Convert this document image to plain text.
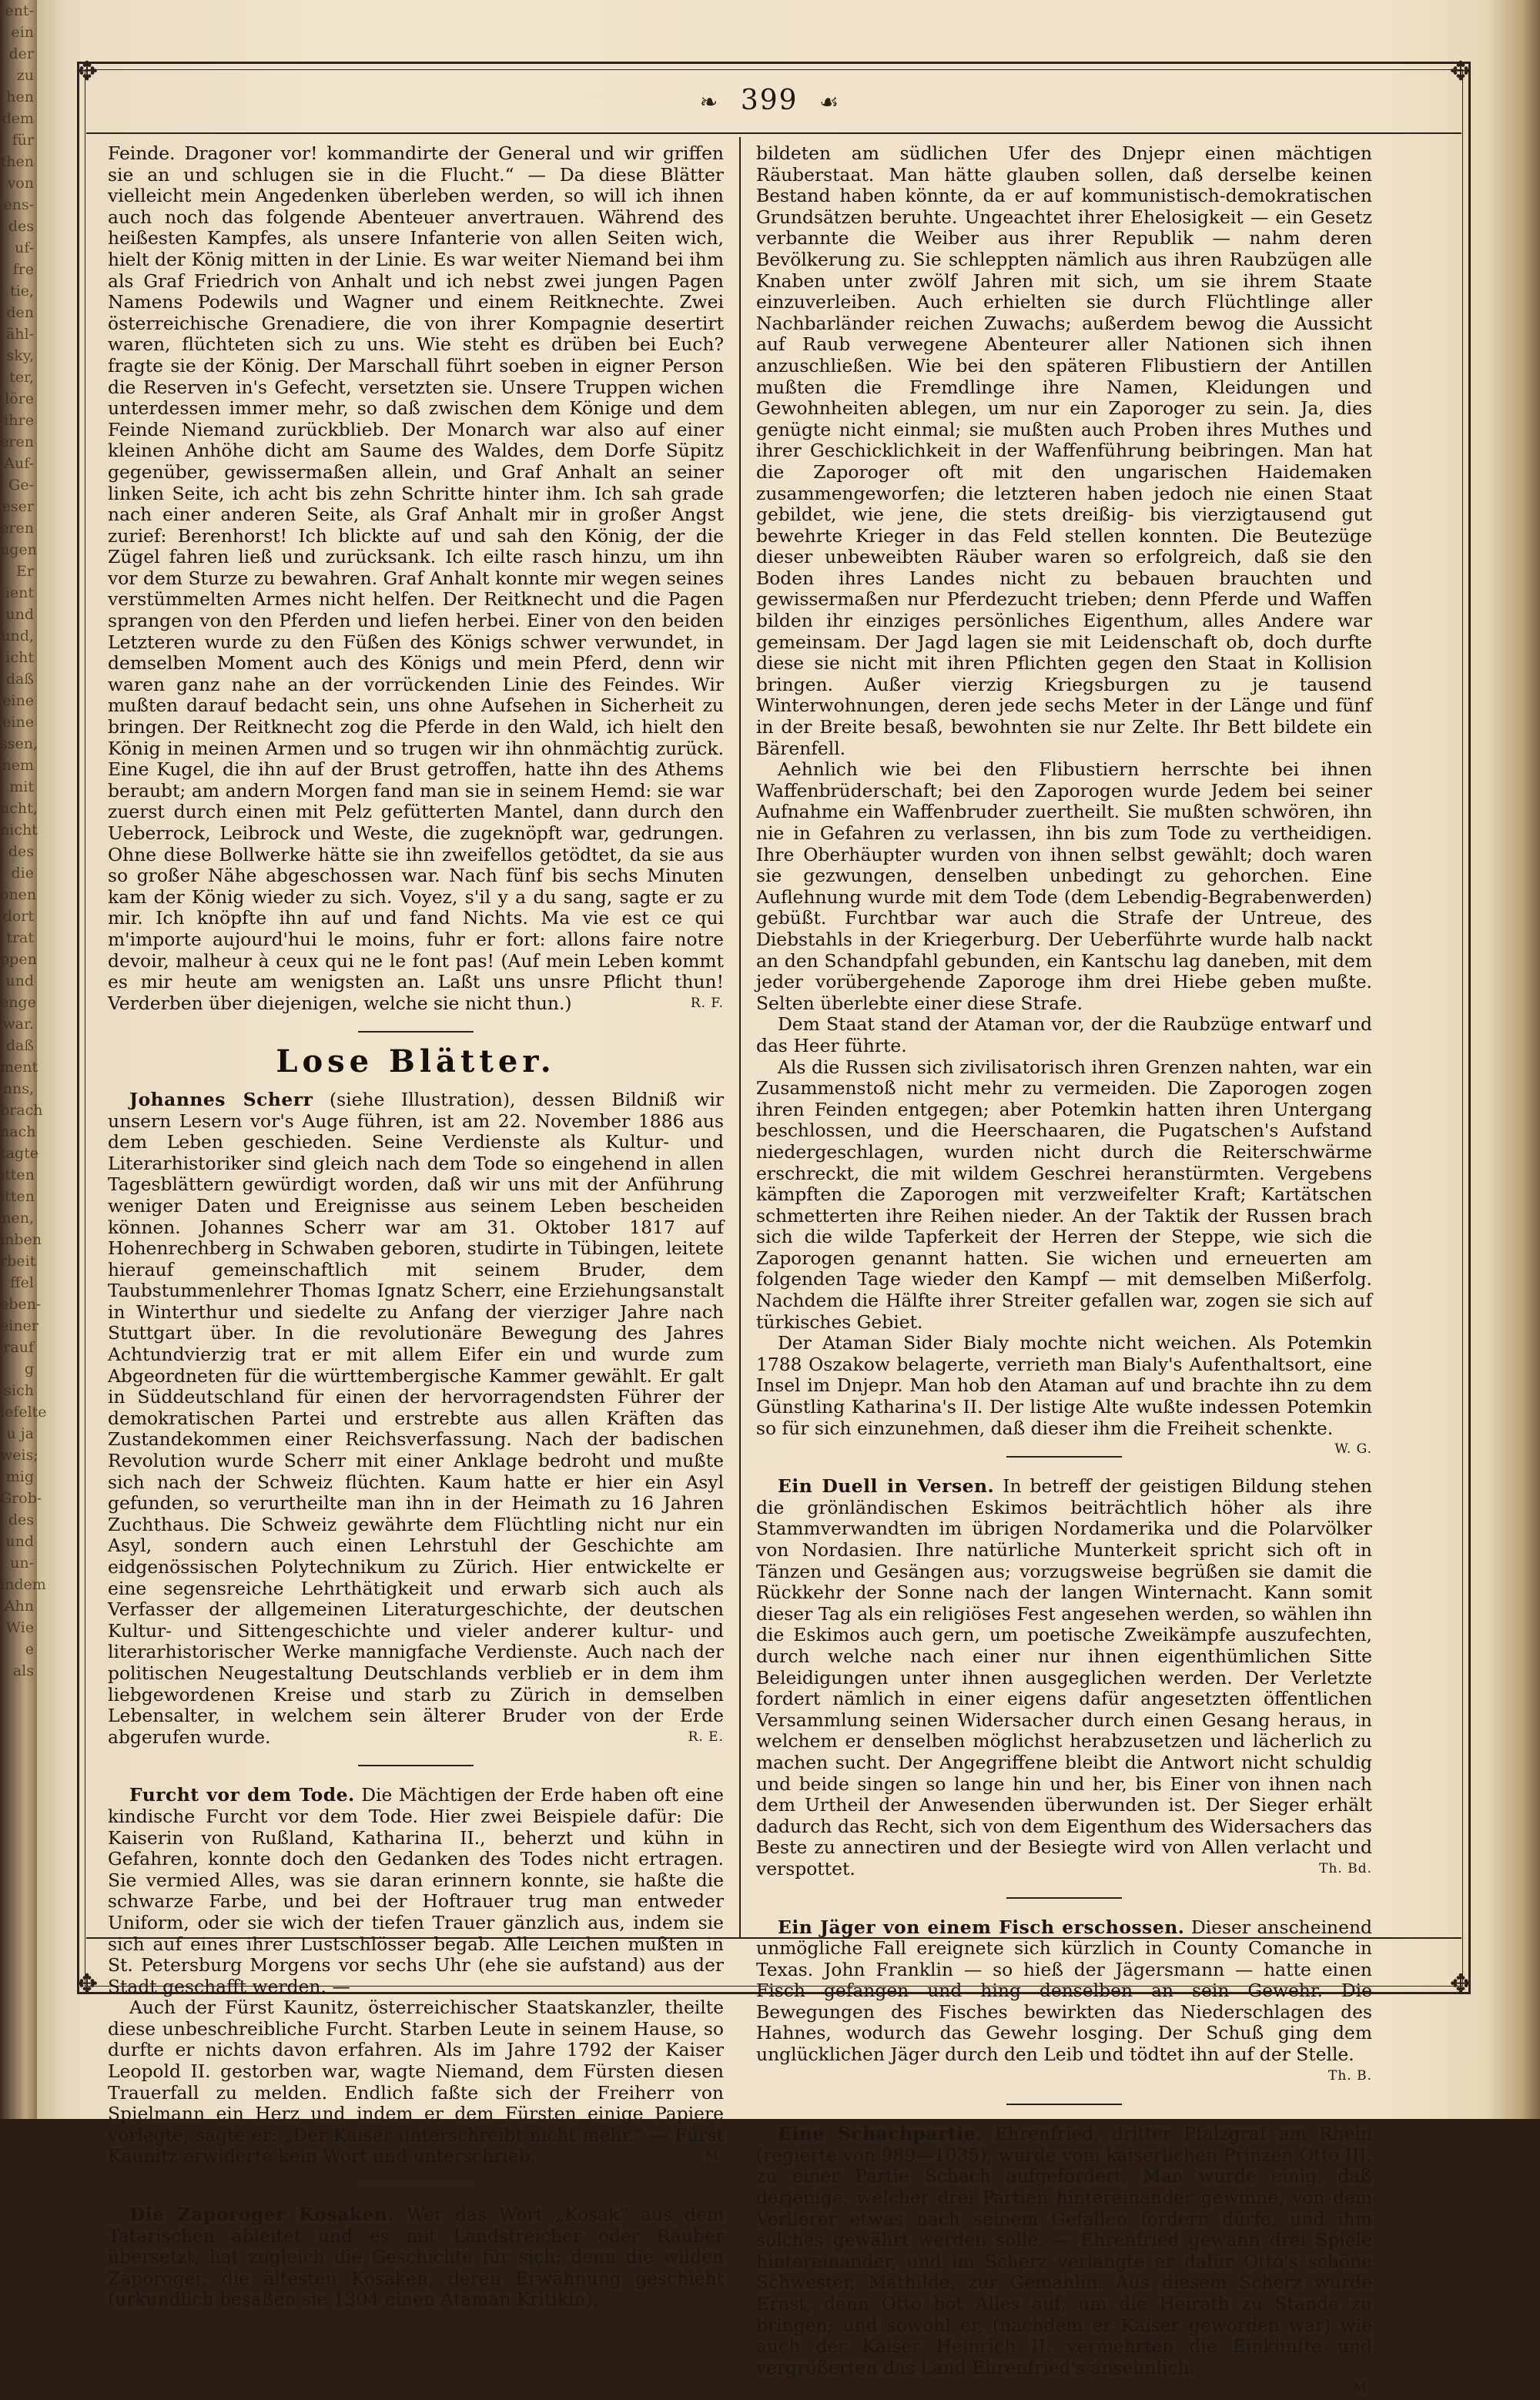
ent-
ein
der
zu
hen
dem
für
then
von
ens-
des
uf-
fre
tie,
den
ähl-
sky,
ter,
löre
ihre
eren
Auf-
Ge-
eser
eren
ugen
Er
ient
und
und,
icht
daß
eine
eine
ssen,
nem
mit
ucht,
nicht
des
die
onen
dort
trat
ppen
und
enge
war.
daß
ment
nns,
brach
nach
tagte
itten
itten
nen,
inben
rbeit
ffel
eben-
einer
rauf
g sich
iefelte
u ja
weis;
mig
Grob-
des
und
un-
indem
Ahn
Wie
e als
✥	✥
✥	✥
❧ 399 ☙

Feinde. Dragoner vor! kommandirte der General und wir griffen sie an und schlugen sie in die Flucht.“ — Da diese Blätter vielleicht mein Angedenken überleben werden, so will ich ihnen auch noch das folgende Abenteuer anvertrauen. Während des heißesten Kampfes, als unsere Infanterie von allen Seiten wich, hielt der König mitten in der Linie. Es war weiter Niemand bei ihm als Graf Friedrich von Anhalt und ich nebst zwei jungen Pagen Namens Podewils und Wagner und einem Reitknechte. Zwei österreichische Grenadiere, die von ihrer Kompagnie desertirt waren, flüchteten sich zu uns. Wie steht es drüben bei Euch? fragte sie der König. Der Marschall führt soeben in eigner Person die Reserven in's Gefecht, versetzten sie. Unsere Truppen wichen unterdessen immer mehr, so daß zwischen dem Könige und dem Feinde Niemand zurückblieb. Der Monarch war also auf einer kleinen Anhöhe dicht am Saume des Waldes, dem Dorfe Süpitz gegenüber, gewissermaßen allein, und Graf Anhalt an seiner linken Seite, ich acht bis zehn Schritte hinter ihm. Ich sah grade nach einer anderen Seite, als Graf Anhalt mir in großer Angst zurief: Berenhorst! Ich blickte auf und sah den König, der die Zügel fahren ließ und zurücksank. Ich eilte rasch hinzu, um ihn vor dem Sturze zu bewahren. Graf Anhalt konnte mir wegen seines verstümmelten Armes nicht helfen. Der Reitknecht und die Pagen sprangen von den Pferden und liefen herbei. Einer von den beiden Letzteren wurde zu den Füßen des Königs schwer verwundet, in demselben Moment auch des Königs und mein Pferd, denn wir waren ganz nahe an der vorrückenden Linie des Feindes. Wir mußten darauf bedacht sein, uns ohne Aufsehen in Sicherheit zu bringen. Der Reitknecht zog die Pferde in den Wald, ich hielt den König in meinen Armen und so trugen wir ihn ohnmächtig zurück. Eine Kugel, die ihn auf der Brust getroffen, hatte ihn des Athems beraubt; am andern Morgen fand man sie in seinem Hemd: sie war zuerst durch einen mit Pelz gefütterten Mantel, dann durch den Ueberrock, Leibrock und Weste, die zugeknöpft war, gedrungen. Ohne diese Bollwerke hätte sie ihn zweifellos getödtet, da sie aus so großer Nähe abgeschossen war. Nach fünf bis sechs Minuten kam der König wieder zu sich. Voyez, s'il y a du sang, sagte er zu mir. Ich knöpfte ihn auf und fand Nichts. Ma vie est ce qui m'importe aujourd'hui le moins, fuhr er fort: allons faire notre devoir, malheur à ceux qui ne le font pas! (Auf mein Leben kommt es mir heute am wenigsten an. Laßt uns unsre Pflicht thun! Verderben über diejenigen, welche sie nicht thun.)	R. F.

Lose Blätter.

Johannes Scherr (siehe Illustration), dessen Bildniß wir unsern Lesern vor's Auge führen, ist am 22. November 1886 aus dem Leben geschieden. Seine Verdienste als Kultur- und Literarhistoriker sind gleich nach dem Tode so eingehend in allen Tagesblättern gewürdigt worden, daß wir uns mit der Anführung weniger Daten und Ereignisse aus seinem Leben bescheiden können. Johannes Scherr war am 31. Oktober 1817 auf Hohenrechberg in Schwaben geboren, studirte in Tübingen, leitete hierauf gemeinschaftlich mit seinem Bruder, dem Taubstummenlehrer Thomas Ignatz Scherr, eine Erziehungsanstalt in Winterthur und siedelte zu Anfang der vierziger Jahre nach Stuttgart über. In die revolutionäre Bewegung des Jahres Achtundvierzig trat er mit allem Eifer ein und wurde zum Abgeordneten für die württembergische Kammer gewählt. Er galt in Süddeutschland für einen der hervorragendsten Führer der demokratischen Partei und erstrebte aus allen Kräften das Zustandekommen einer Reichsverfassung. Nach der badischen Revolution wurde Scherr mit einer Anklage bedroht und mußte sich nach der Schweiz flüchten. Kaum hatte er hier ein Asyl gefunden, so verurtheilte man ihn in der Heimath zu 16 Jahren Zuchthaus. Die Schweiz gewährte dem Flüchtling nicht nur ein Asyl, sondern auch einen Lehrstuhl der Geschichte am eidgenössischen Polytechnikum zu Zürich. Hier entwickelte er eine segensreiche Lehrthätigkeit und erwarb sich auch als Verfasser der allgemeinen Literaturgeschichte, der deutschen Kultur- und Sittengeschichte und vieler anderer kultur- und literarhistorischer Werke mannigfache Verdienste. Auch nach der politischen Neugestaltung Deutschlands verblieb er in dem ihm liebgewordenen Kreise und starb zu Zürich in demselben Lebensalter, in welchem sein älterer Bruder von der Erde abgerufen wurde.	R. E.

Furcht vor dem Tode. Die Mächtigen der Erde haben oft eine kindische Furcht vor dem Tode. Hier zwei Beispiele dafür: Die Kaiserin von Rußland, Katharina II., beherzt und kühn in Gefahren, konnte doch den Gedanken des Todes nicht ertragen. Sie vermied Alles, was sie daran erinnern konnte, sie haßte die schwarze Farbe, und bei der Hoftrauer trug man entweder Uniform, oder sie wich der tiefen Trauer gänzlich aus, indem sie sich auf eines ihrer Lustschlösser begab. Alle Leichen mußten in St. Petersburg Morgens vor sechs Uhr (ehe sie aufstand) aus der Stadt geschafft werden. —

Auch der Fürst Kaunitz, österreichischer Staatskanzler, theilte diese unbeschreibliche Furcht. Starben Leute in seinem Hause, so durfte er nichts davon erfahren. Als im Jahre 1792 der Kaiser Leopold II. gestorben war, wagte Niemand, dem Fürsten diesen Trauerfall zu melden. Endlich faßte sich der Freiherr von Spielmann ein Herz und indem er dem Fürsten einige Papiere vorlegte, sagte er: „Der Kaiser unterschreibt nicht mehr.“ — Fürst Kaunitz erwiderte kein Wort und unterschrieb.	M.

Die Zaporoger Kosaken. Wer das Wort „Kosak“ aus dem Tatarischen ableitet und es mit Landstreicher oder Räuber übersetzt, hat zugleich die Geschichte für sich; denn die wilden Zaporoger, die ältesten Kosaken, deren Erwähnung geschieht (urkundlich besaßen sie 1304 einen Ataman Kritikin),

bildeten am südlichen Ufer des Dnjepr einen mächtigen Räuberstaat. Man hätte glauben sollen, daß derselbe keinen Bestand haben könnte, da er auf kommunistisch-demokratischen Grundsätzen beruhte. Ungeachtet ihrer Ehelosigkeit — ein Gesetz verbannte die Weiber aus ihrer Republik — nahm deren Bevölkerung zu. Sie schleppten nämlich aus ihren Raubzügen alle Knaben unter zwölf Jahren mit sich, um sie ihrem Staate einzuverleiben. Auch erhielten sie durch Flüchtlinge aller Nachbarländer reichen Zuwachs; außerdem bewog die Aussicht auf Raub verwegene Abenteurer aller Nationen sich ihnen anzuschließen. Wie bei den späteren Flibustiern der Antillen mußten die Fremdlinge ihre Namen, Kleidungen und Gewohnheiten ablegen, um nur ein Zaporoger zu sein. Ja, dies genügte nicht einmal; sie mußten auch Proben ihres Muthes und ihrer Geschicklichkeit in der Waffenführung beibringen. Man hat die Zaporoger oft mit den ungarischen Haidemaken zusammengeworfen; die letzteren haben jedoch nie einen Staat gebildet, wie jene, die stets dreißig- bis vierzigtausend gut bewehrte Krieger in das Feld stellen konnten. Die Beutezüge dieser unbeweibten Räuber waren so erfolgreich, daß sie den Boden ihres Landes nicht zu bebauen brauchten und gewissermaßen nur Pferdezucht trieben; denn Pferde und Waffen bilden ihr einziges persönliches Eigenthum, alles Andere war gemeinsam. Der Jagd lagen sie mit Leidenschaft ob, doch durfte diese sie nicht mit ihren Pflichten gegen den Staat in Kollision bringen. Außer vierzig Kriegsburgen zu je tausend Winterwohnungen, deren jede sechs Meter in der Länge und fünf in der Breite besaß, bewohnten sie nur Zelte. Ihr Bett bildete ein Bärenfell.

Aehnlich wie bei den Flibustiern herrschte bei ihnen Waffenbrüderschaft; bei den Zaporogen wurde Jedem bei seiner Aufnahme ein Waffenbruder zuertheilt. Sie mußten schwören, ihn nie in Gefahren zu verlassen, ihn bis zum Tode zu vertheidigen. Ihre Oberhäupter wurden von ihnen selbst gewählt; doch waren sie gezwungen, denselben unbedingt zu gehorchen. Eine Auflehnung wurde mit dem Tode (dem Lebendig-Begrabenwerden) gebüßt. Furchtbar war auch die Strafe der Untreue, des Diebstahls in der Kriegerburg. Der Ueberführte wurde halb nackt an den Schandpfahl gebunden, ein Kantschu lag daneben, mit dem jeder vorübergehende Zaporoge ihm drei Hiebe geben mußte. Selten überlebte einer diese Strafe.

Dem Staat stand der Ataman vor, der die Raubzüge entwarf und das Heer führte.

Als die Russen sich zivilisatorisch ihren Grenzen nahten, war ein Zusammenstoß nicht mehr zu vermeiden. Die Zaporogen zogen ihren Feinden entgegen; aber Potemkin hatten ihren Untergang beschlossen, und die Heerschaaren, die Pugatschen's Aufstand niedergeschlagen, wurden nicht durch die Reiterschwärme erschreckt, die mit wildem Geschrei heranstürmten. Vergebens kämpften die Zaporogen mit verzweifelter Kraft; Kartätschen schmetterten ihre Reihen nieder. An der Taktik der Russen brach sich die wilde Tapferkeit der Herren der Steppe, wie sich die Zaporogen genannt hatten. Sie wichen und erneuerten am folgenden Tage wieder den Kampf — mit demselben Mißerfolg. Nachdem die Hälfte ihrer Streiter gefallen war, zogen sie sich auf türkisches Gebiet.

Der Ataman Sider Bialy mochte nicht weichen. Als Potemkin 1788 Oszakow belagerte, verrieth man Bialy's Aufenthaltsort, eine Insel im Dnjepr. Man hob den Ataman auf und brachte ihn zu dem Günstling Katharina's II. Der listige Alte wußte indessen Potemkin so für sich einzunehmen, daß dieser ihm die Freiheit schenkte.
W. G.

Ein Duell in Versen. In betreff der geistigen Bildung stehen die grönländischen Eskimos beiträchtlich höher als ihre Stammverwandten im übrigen Nordamerika und die Polarvölker von Nordasien. Ihre natürliche Munterkeit spricht sich oft in Tänzen und Gesängen aus; vorzugsweise begrüßen sie damit die Rückkehr der Sonne nach der langen Winternacht. Kann somit dieser Tag als ein religiöses Fest angesehen werden, so wählen ihn die Eskimos auch gern, um poetische Zweikämpfe auszufechten, durch welche nach einer nur ihnen eigenthümlichen Sitte Beleidigungen unter ihnen ausgeglichen werden. Der Verletzte fordert nämlich in einer eigens dafür angesetzten öffentlichen Versammlung seinen Widersacher durch einen Gesang heraus, in welchem er denselben möglichst herabzusetzen und lächerlich zu machen sucht. Der Angegriffene bleibt die Antwort nicht schuldig und beide singen so lange hin und her, bis Einer von ihnen nach dem Urtheil der Anwesenden überwunden ist. Der Sieger erhält dadurch das Recht, sich von dem Eigenthum des Widersachers das Beste zu annectiren und der Besiegte wird von Allen verlacht und verspottet.	Th. Bd.

Ein Jäger von einem Fisch erschossen. Dieser anscheinend unmögliche Fall ereignete sich kürzlich in County Comanche in Texas. John Franklin — so hieß der Jägersmann — hatte einen Fisch gefangen und hing denselben an sein Gewehr. Die Bewegungen des Fisches bewirkten das Niederschlagen des Hahnes, wodurch das Gewehr losging. Der Schuß ging dem unglücklichen Jäger durch den Leib und tödtet ihn auf der Stelle.

Th. B.

Eine Schachpartie. Ehrenfried, dritter Pfalzgraf am Rhein (regierte von 989—1035), wurde vom kaiserlichen Prinzen Otto III. zu einer Partie Schach aufgefordert. Man wurde einig, daß derjenige, welcher drei Partien hintereinander gewinne, von dem Verlierer etwas nach seinem Gefallen fordern dürfe, und ihm solches gewährt werden solle. — Ehrenfried gewann drei Spiele hintereinander, und im Scherz verlangte er dafür Otto's schöne Schwester, Mathilde, zur Gemahlin. Aus diesem Scherz wurde Ernst, denn Otto bot Alles auf, um die Heirath zu Stande zu bringen; und sowohl er, (nachdem er Kaiser geworden war) wie auch der Kaiser Heinrich II. vermehrten die Einkünfte und vergrößerten das Land Ehrenfried's ansehnlich.

M.
